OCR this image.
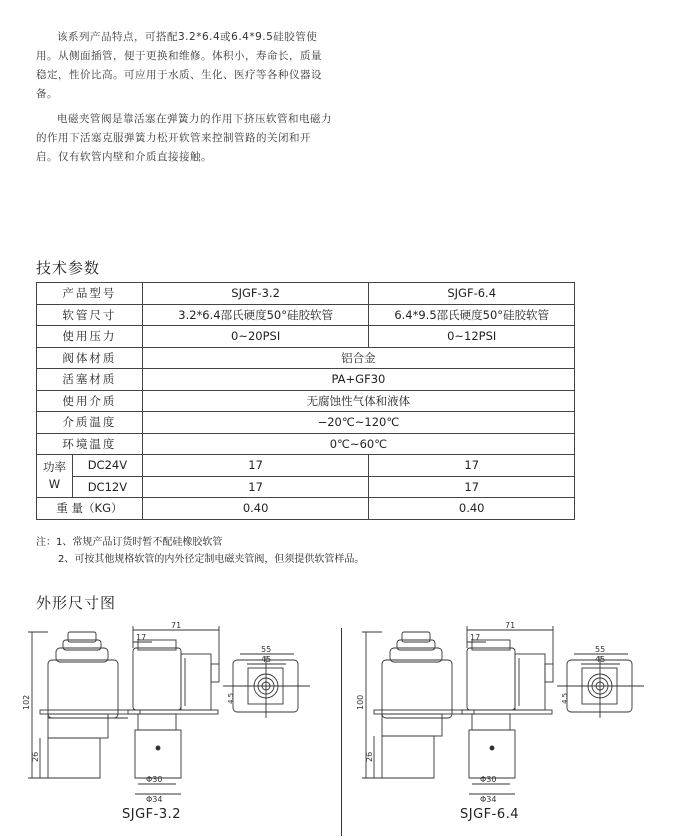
该系列产品特点，可搭配3.2*6.4或6.4*9.5硅胶管使用。从侧面插管，便于更换和维修。体积小，寿命长，质量稳定，性价比高。可应用于水质、生化、医疗等各种仪器设备。

电磁夹管阀是靠活塞在弹簧力的作用下挤压软管和电磁力的作用下活塞克服弹簧力松开软管来控制管路的关闭和开启。仅有软管内壁和介质直接接触。

技术参数
产品型号		SJGF-3.2	SJGF-6.4
软管尺寸		3.2*6.4邵氏硬度50°硅胶软管	6.4*9.5邵氏硬度50°硅胶软管
使用压力		0~20PSI	0~12PSI
阀体材质		铝合金	
活塞材质		PA+GF30	
使用介质		无腐蚀性气体和液体	
介质温度		−20℃~120℃	
环境温度		0℃~60℃	
功率
W	DC24V	17	17
	DC12V	17	17
重 量（KG）		0.40	0.40
注：1、常规产品订货时暂不配硅橡胶软管
2、可按其他规格软管的内外径定制电磁夹管阀，但须提供软管样品。
外形尺寸图
102
26
71
17
Φ30
Φ34
55
45
4.5	100
26
71
17
Φ30
Φ34
55
45
4.5
SJGF-3.2	SJGF-6.4
